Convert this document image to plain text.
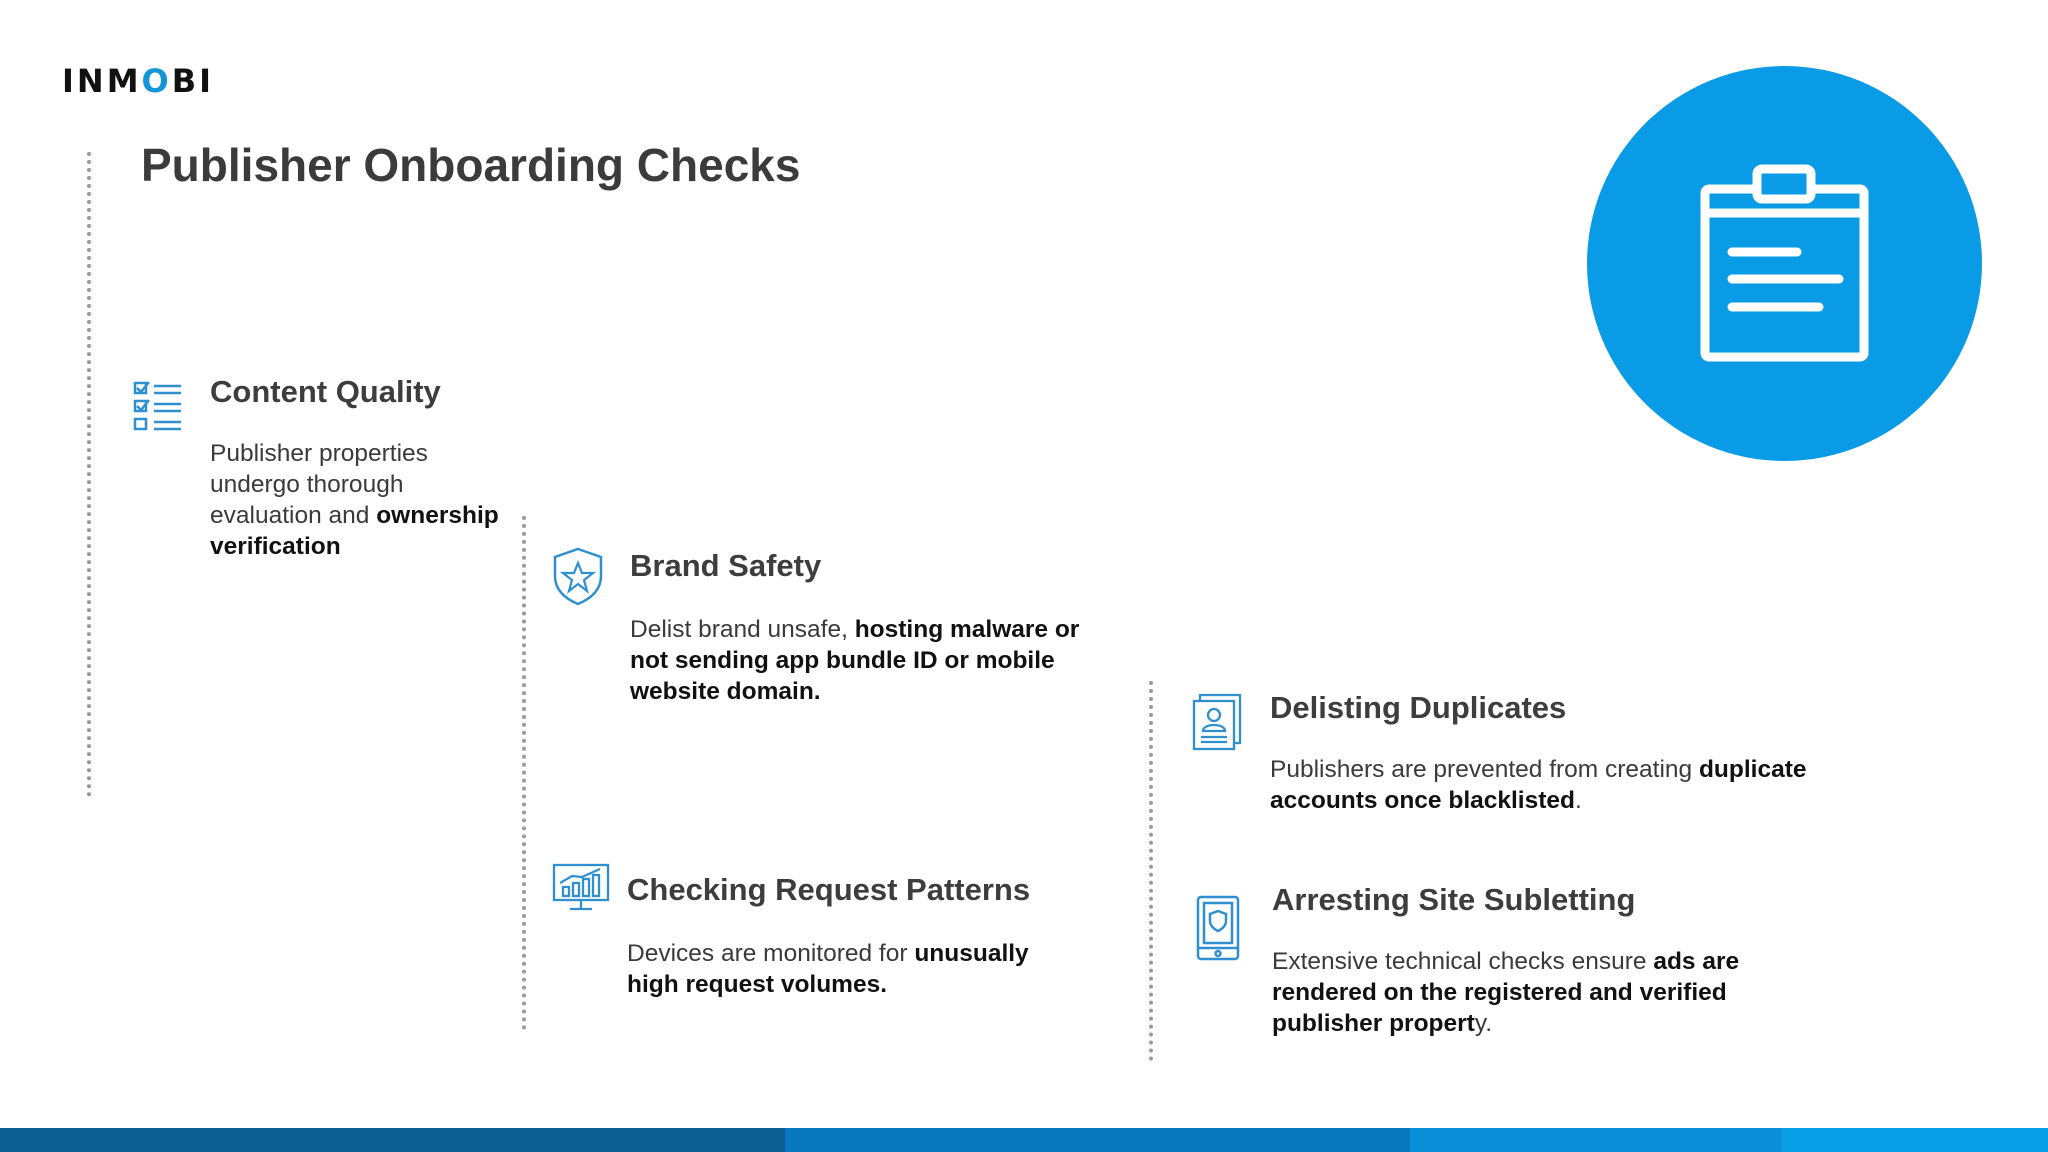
INMOBI
Publisher Onboarding Checks
Content Quality
Publisher properties undergo thorough evaluation and ownership verification
Brand Safety
Delist brand unsafe, hosting malware or not sending app bundle ID or mobile website domain.
Checking Request Patterns
Devices are monitored for unusually high request volumes.
Delisting Duplicates
Publishers are prevented from creating duplicate accounts once blacklisted.
Arresting Site Subletting
Extensive technical checks ensure ads are rendered on the registered and verified publisher property.
